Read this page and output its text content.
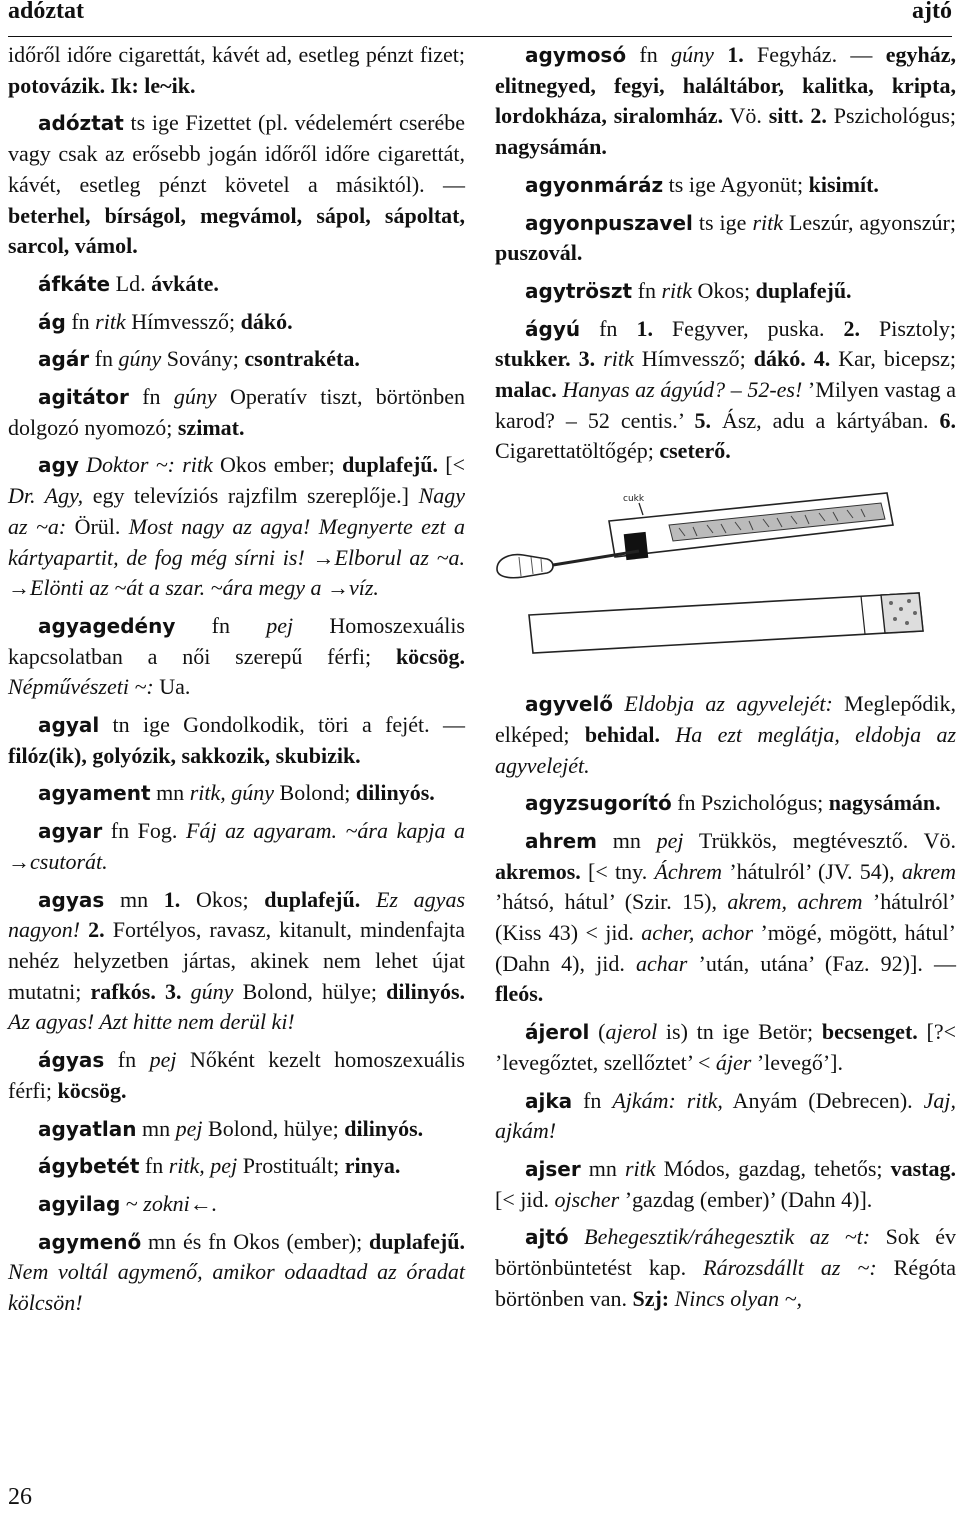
adóztat	ajtó

időről időre cigarettát, kávét ad, esetleg pénzt fizet; potovázik. Ik: le~ik.

adóztat ts ige Fizettet (pl. védelemért cserébe vagy csak az erősebb jogán időről időre cigarettát, kávét, esetleg pénzt követel a másiktól). — beterhel, bírságol, megvámol, sápol, sápoltat, sarcol, vámol.

áfkáte Ld. ávkáte.

ág fn ritk Hímvessző; dákó.

agár fn gúny Sovány; csontrakéta.

agitátor fn gúny Operatív tiszt, börtönben dolgozó nyomozó; szimat.

agy Doktor ~: ritk Okos ember; duplafejű. [< Dr. Agy, egy televíziós rajzfilm szereplője.] Nagy az ~a: Örül. Most nagy az agya! Megnyerte ezt a kártyapartit, de fog még sírni is! →Elborul az ~a. →Elönti az ~át a szar. ~ára megy a →víz.

agyagedény fn pej Homoszexuális kapcsolatban a női szerepű férfi; köcsög. Népművészeti ~: Ua.

agyal tn ige Gondolkodik, töri a fejét. — filóz(ik), golyózik, sakkozik, skubizik.

agyament mn ritk, gúny Bolond; dilinyós.

agyar fn Fog. Fáj az agyaram. ~ára kapja a →csutorát.

agyas mn 1. Okos; duplafejű. Ez agyas nagyon! 2. Fortélyos, ravasz, kitanult, mindenfajta nehéz helyzetben jártas, akinek nem lehet újat mutatni; rafkós. 3. gúny Bolond, hülye; dilinyós. Az agyas! Azt hitte nem derül ki!

ágyas fn pej Nőként kezelt homoszexuális férfi; köcsög.

agyatlan mn pej Bolond, hülye; dilinyós.

ágybetét fn ritk, pej Prostituált; rinya.

agyilag ~ zokni←.

agymenő mn és fn Okos (ember); duplafejű. Nem voltál agymenő, amikor odaadtad az óradat kölcsön!

agymosó fn gúny 1. Fegyház. — egyház, elitnegyed, fegyi, haláltábor, kalitka, kripta, lordokháza, siralomház. Vö. sitt. 2. Pszichológus; nagysámán.

agyonmáráz ts ige Agyonüt; kisimít.

agyonpuszavel ts ige ritk Leszúr, agyonszúr; puszovál.

agytröszt fn ritk Okos; duplafejű.

ágyú fn 1. Fegyver, puska. 2. Pisztoly; stukker. 3. ritk Hímvessző; dákó. 4. Kar, bicepsz; malac. Hanyas az ágyúd? – 52-es! ’Milyen vastag a karod? – 52 centis.’ 5. Ász, adu a kártyában. 6. Cigarettatöltőgép; cseterő.

cukk

agyvelő Eldobja az agyvelejét: Meglepődik, elképed; behidal. Ha ezt meglátja, eldobja az agyvelejét.

agyzsugorító fn Pszichológus; nagysámán.

ahrem mn pej Trükkös, megtévesztő. Vö. akremos. [< tny. Áchrem ’hátulról’ (JV. 54), akrem ’hátsó, hátul’ (Szir. 15), akrem, achrem ’hátulról’ (Kiss 43) < jid. acher, achor ’mögé, mögött, hátul’ (Dahn 4), jid. achar ’után, utána’ (Faz. 92)]. — fleós.

ájerol (ajerol is) tn ige Betör; becsenget. [?< ’levegőztet, szellőztet’ < ájer ’levegő’].

ajka fn Ajkám: ritk, Anyám (Debrecen). Jaj, ajkám!

ajser mn ritk Módos, gazdag, tehetős; vastag. [< jid. ojscher ’gazdag (ember)’ (Dahn 4)].

ajtó Behegesztik/ráhegesztik az ~t: Sok év börtönbüntetést kap. Rározsdállt az ~: Régóta börtönben van. Szj: Nincs olyan ~,

26
